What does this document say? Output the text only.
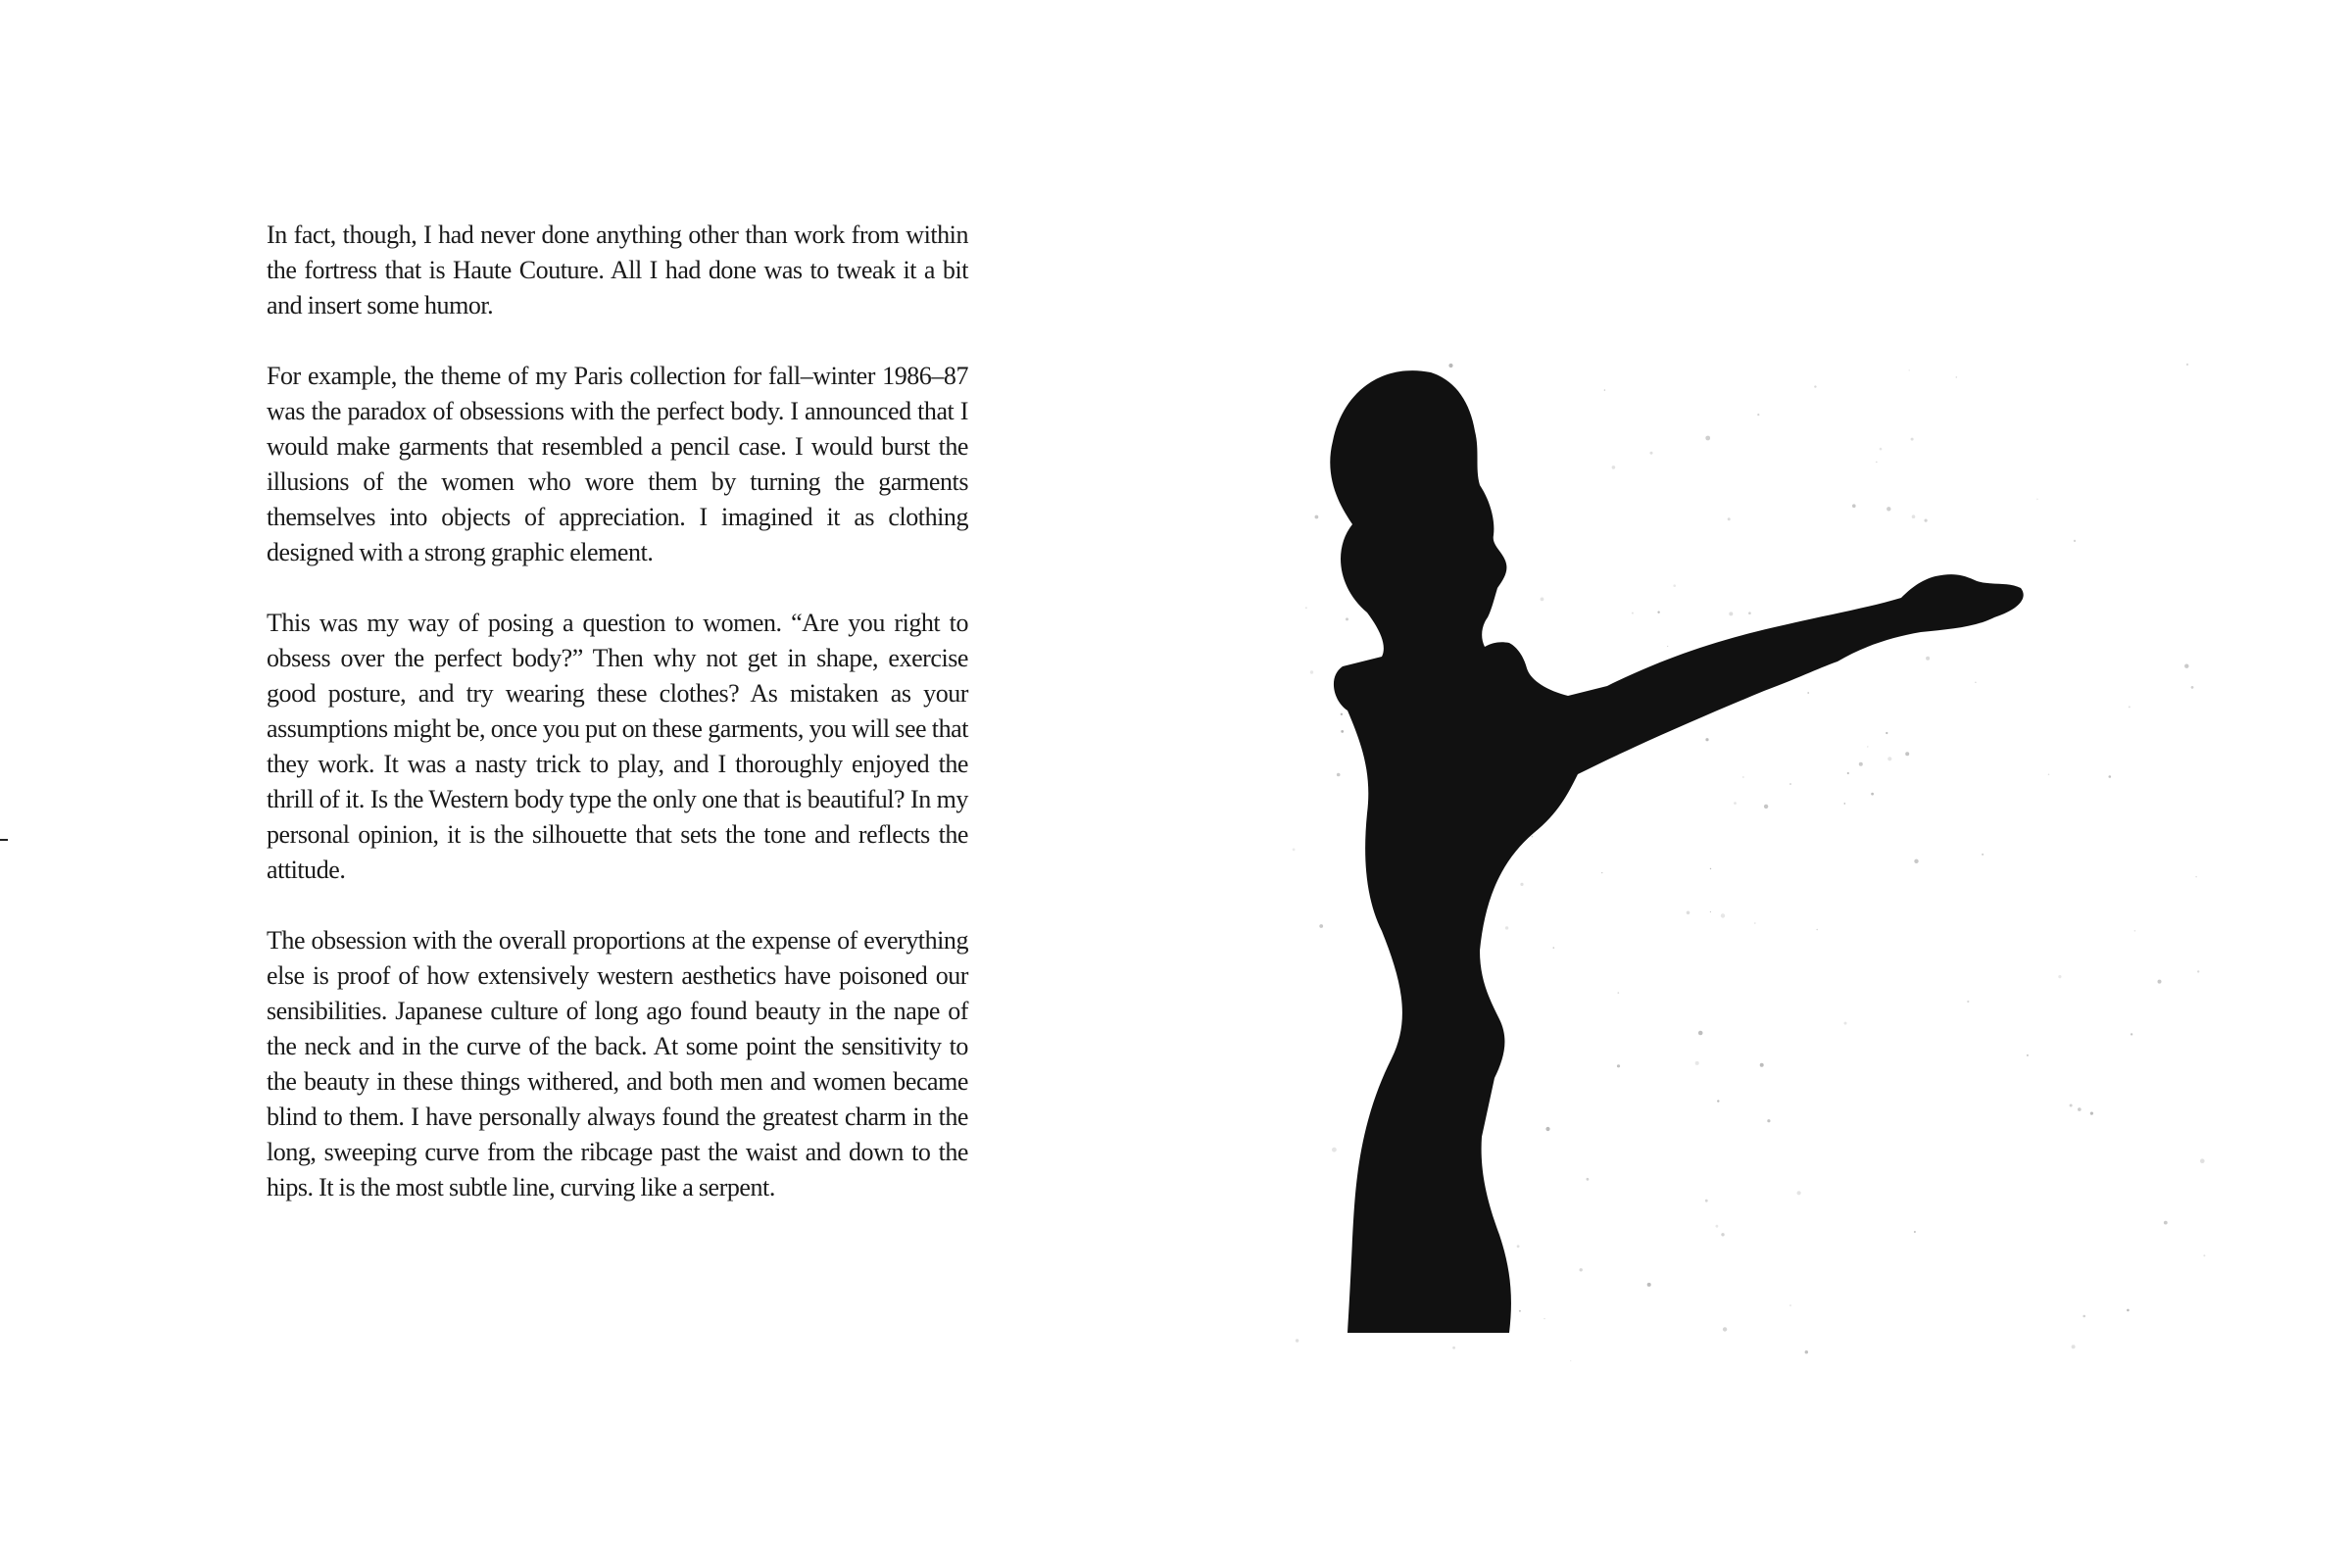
In fact, though, I had never done anything other than work from within the fortress that is Haute Couture. All I had done was to tweak it a bit and insert some humor.

For example, the theme of my Paris collection for fall–winter 1986–87 was the paradox of obsessions with the perfect body. I announced that I would make garments that resembled a pencil case. I would burst the illusions of the women who wore them by turning the garments themselves into objects of appreciation. I imagined it as clothing designed with a strong graphic element.

This was my way of posing a question to women. “Are you right to obsess over the perfect body?” Then why not get in shape, exercise good posture, and try wearing these clothes? As mistaken as your assumptions might be, once you put on these garments, you will see that they work. It was a nasty trick to play, and I thoroughly enjoyed the thrill of it. Is the Western body type the only one that is beautiful? In my personal opinion, it is the silhouette that sets the tone and reflects the attitude.

The obsession with the overall proportions at the expense of everything else is proof of how extensively western aesthetics have poisoned our sensibilities. Japanese culture of long ago found beauty in the nape of the neck and in the curve of the back. At some point the sensitivity to the beauty in these things withered, and both men and women became blind to them. I have personally always found the greatest charm in the long, sweeping curve from the ribcage past the waist and down to the hips. It is the most subtle line, curving like a serpent.
